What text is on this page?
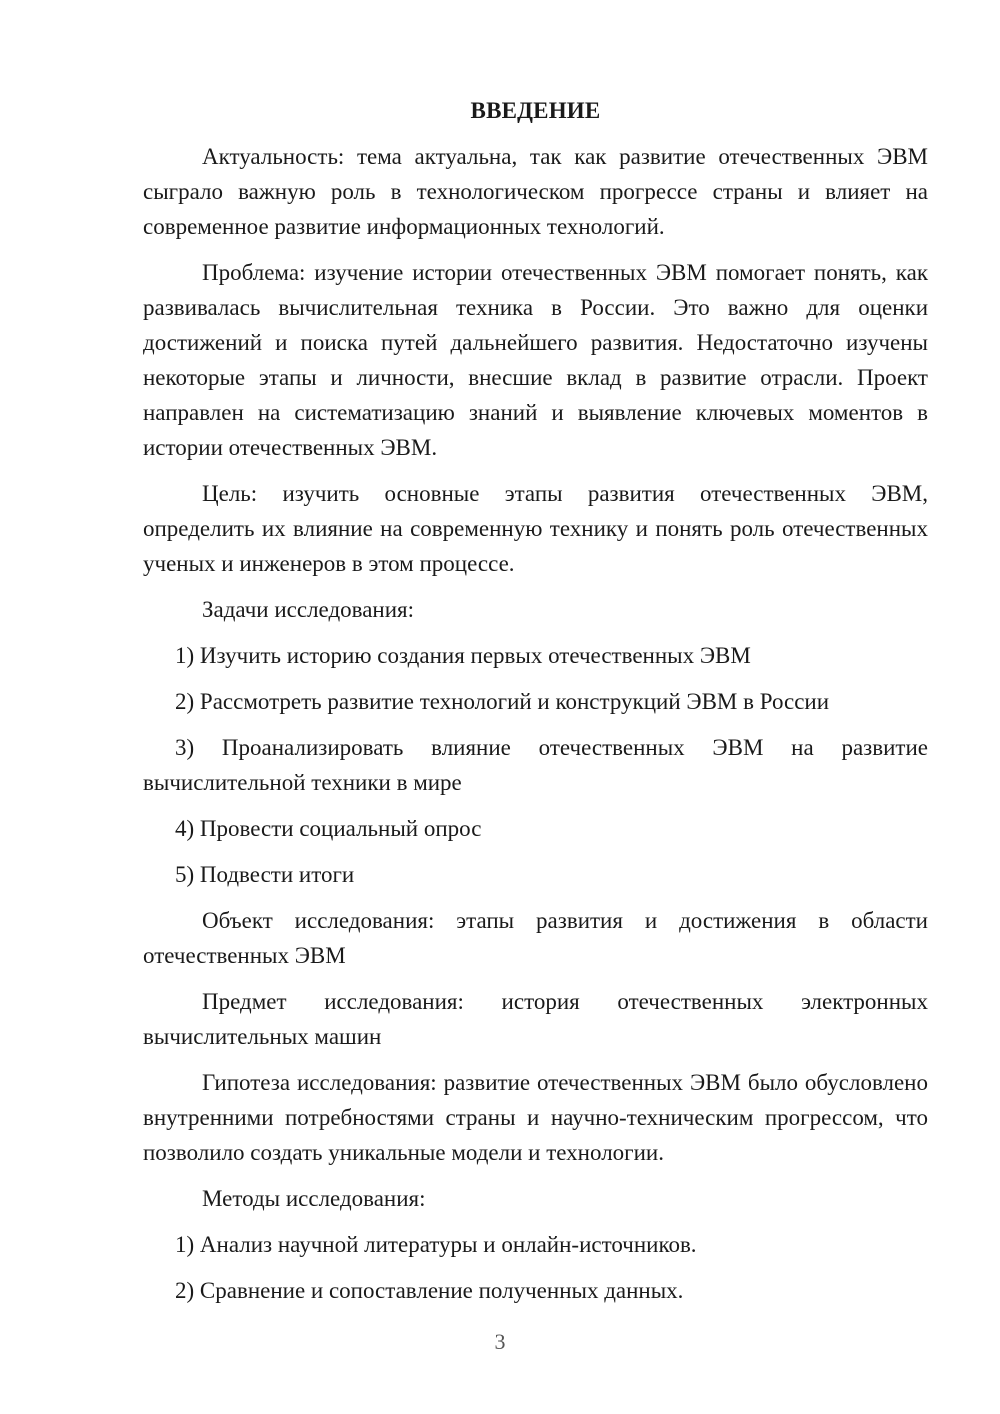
ВВЕДЕНИЕ

Актуальность: тема актуальна, так как развитие отечественных ЭВМ сыграло важную роль в технологическом прогрессе страны и влияет на современное развитие информационных технологий.

Проблема: изучение истории отечественных ЭВМ помогает понять, как развивалась вычислительная техника в России. Это важно для оценки достижений и поиска путей дальнейшего развития. Недостаточно изучены некоторые этапы и личности, внесшие вклад в развитие отрасли. Проект направлен на систематизацию знаний и выявление ключевых моментов в истории отечественных ЭВМ.

Цель: изучить основные этапы развития отечественных ЭВМ, определить их влияние на современную технику и понять роль отечественных ученых и инженеров в этом процессе.

Задачи исследования:

1) Изучить историю создания первых отечественных ЭВМ

2) Рассмотреть развитие технологий и конструкций ЭВМ в России

3) Проанализировать влияние отечественных ЭВМ на развитие вычислительной техники в мире

4) Провести социальный опрос

5) Подвести итоги

Объект исследования: этапы развития и достижения в области отечественных ЭВМ

Предмет исследования: история отечественных электронных вычислительных машин

Гипотеза исследования: развитие отечественных ЭВМ было обусловлено внутренними потребностями страны и научно-техническим прогрессом, что позволило создать уникальные модели и технологии.

Методы исследования:

1) Анализ научной литературы и онлайн-источников.

2) Сравнение и сопоставление полученных данных.

3
